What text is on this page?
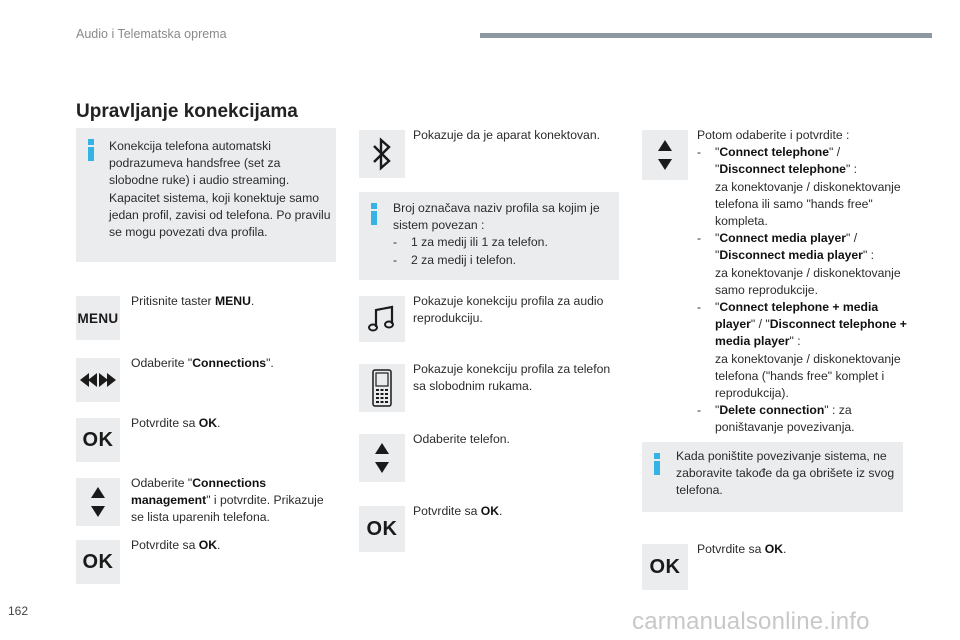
Audio i Telematska oprema
Upravljanje konekcijama
Konekcija telefona automatski podrazumeva handsfree (set za slobodne ruke) i audio streaming. Kapacitet sistema, koji konektuje samo jedan profil, zavisi od telefona. Po pravilu se mogu povezati dva profila.
MENU
Pritisnite taster MENU.
Odaberite "Connections".
OK
Potvrdite sa OK.
Odaberite "Connections management" i potvrdite. Prikazuje se lista uparenih telefona.
OK
Potvrdite sa OK.
Pokazuje da je aparat konektovan.
Broj označava naziv profila sa kojim je sistem povezan :
- 1 za medij ili 1 za telefon.
- 2 za medij i telefon.
Pokazuje konekciju profila za audio reprodukciju.
Pokazuje konekciju profila za telefon sa slobodnim rukama.
Odaberite telefon.
OK
Potvrdite sa OK.
Potom odaberite i potvrdite :
- "Connect telephone" / "Disconnect telephone" :
za konektovanje / diskonektovanje telefona ili samo "hands free" kompleta.
- "Connect media player" / "Disconnect media player" :
za konektovanje / diskonektovanje samo reprodukcije.
- "Connect telephone + media player" / "Disconnect telephone + media player" :
za konektovanje / diskonektovanje telefona ("hands free" komplet i reprodukcija).
- "Delete connection" : za
poništavanje povezivanja.
Kada poništite povezivanje sistema, ne zaboravite takođe da ga obrišete iz svog telefona.
OK
Potvrdite sa OK.
162	carmanualsonline.info
